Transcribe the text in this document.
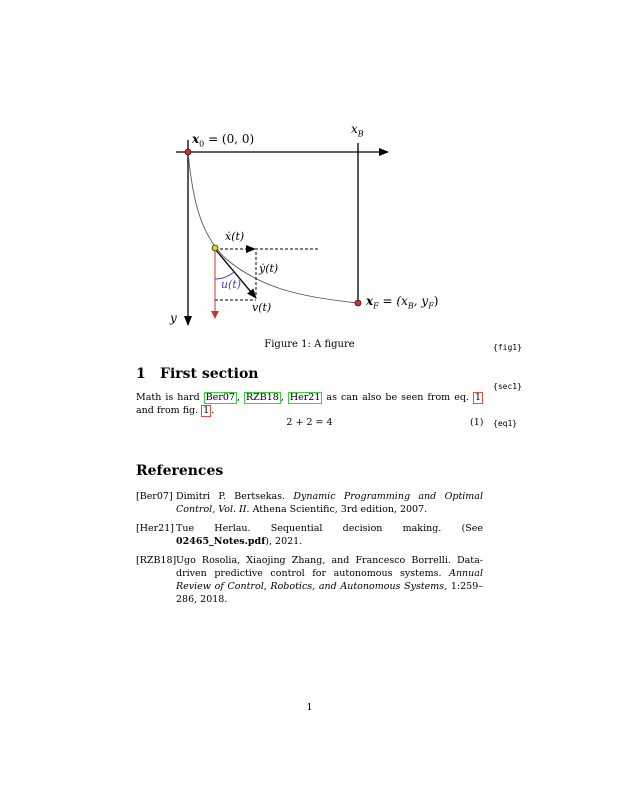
$x_0 = (0$, 0)
$x_B$
y
ẋ(t)
ẏ(t)
u(t)
v(t)	$x_F = (x_B$, $y_F$)
Figure 1: A figure	{fig1}
1 First section
{sec1}
Math is hard Ber07 , RZB18 , Her21 as can also be seen from eq. 1 and from fig. 1 .
2 + 2 = 4	(1) {eq1}
References
[Ber07] Dimitri P. Bertsekas. Dynamic Programming and Optimal Control, Vol. II. Athena Scientific, 3rd edition, 2007.
[Her21] Tue Herlau. Sequential decision making. (See 02465_Notes.pdf), 2021.
[RZB18] Ugo Rosolia, Xiaojing Zhang, and Francesco Borrelli. Data-driven predictive control for autonomous systems. Annual Review of Control, Robotics, and Autonomous Systems, 1:259–286, 2018.
1
